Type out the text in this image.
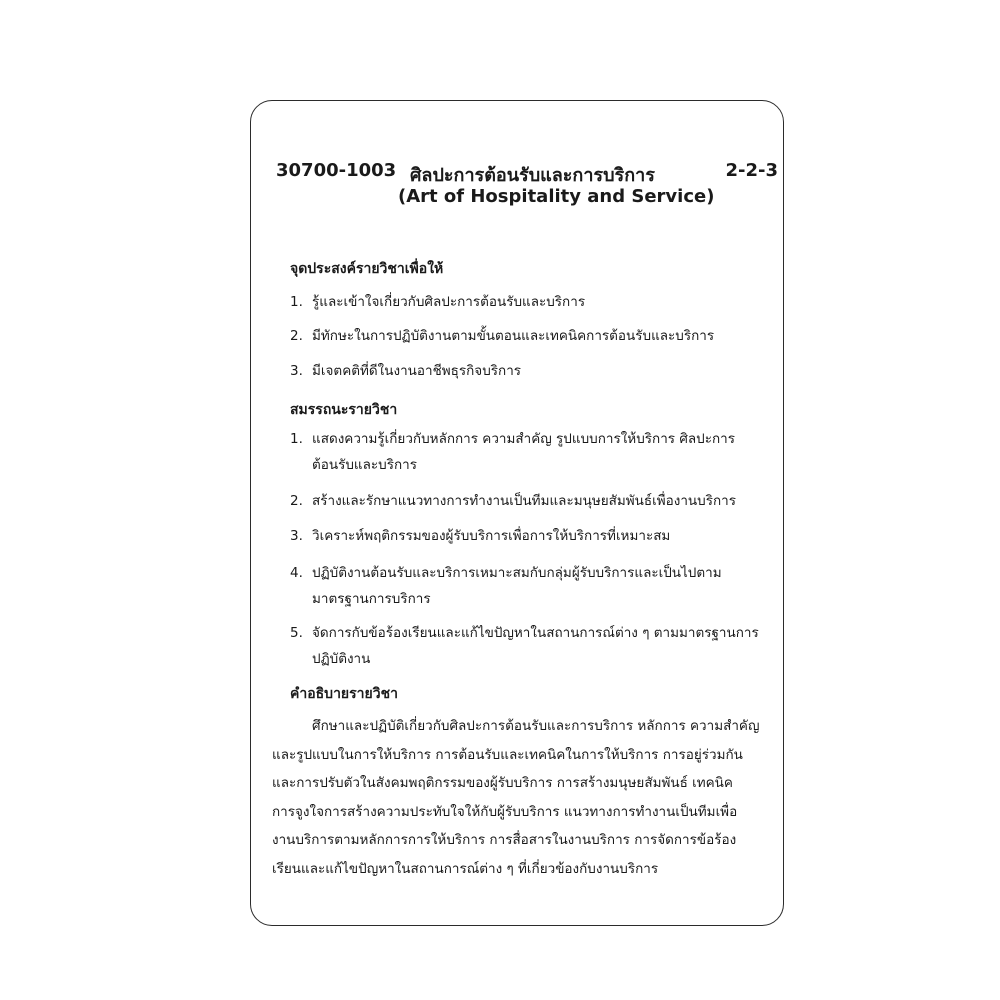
30700-1003 ศิลปะการต้อนรับและการบริการ	2-2-3
(Art of Hospitality and Service)
จุดประสงค์รายวิชาเพื่อให้
1. รู้และเข้าใจเกี่ยวกับศิลปะการต้อนรับและบริการ
2. มีทักษะในการปฏิบัติงานตามขั้นตอนและเทคนิคการต้อนรับและบริการ
3. มีเจตคติที่ดีในงานอาชีพธุรกิจบริการ
สมรรถนะรายวิชา
1. แสดงความรู้เกี่ยวกับหลักการ ความสำคัญ รูปแบบการให้บริการ ศิลปะการต้อนรับและบริการ
2. สร้างและรักษาแนวทางการทำงานเป็นทีมและมนุษยสัมพันธ์เพื่องานบริการ
3. วิเคราะห์พฤติกรรมของผู้รับบริการเพื่อการให้บริการที่เหมาะสม
4. ปฏิบัติงานต้อนรับและบริการเหมาะสมกับกลุ่มผู้รับบริการและเป็นไปตามมาตรฐานการบริการ
5. จัดการกับข้อร้องเรียนและแก้ไขปัญหาในสถานการณ์ต่าง ๆ ตามมาตรฐานการปฏิบัติงาน
คำอธิบายรายวิชา
ศึกษาและปฏิบัติเกี่ยวกับศิลปะการต้อนรับและการบริการ หลักการ ความสำคัญ
และรูปแบบในการให้บริการ การต้อนรับและเทคนิคในการให้บริการ การอยู่ร่วมกัน
และการปรับตัวในสังคมพฤติกรรมของผู้รับบริการ การสร้างมนุษยสัมพันธ์ เทคนิค
การจูงใจการสร้างความประทับใจให้กับผู้รับบริการ แนวทางการทำงานเป็นทีมเพื่อ
งานบริการตามหลักการการให้บริการ การสื่อสารในงานบริการ การจัดการข้อร้อง
เรียนและแก้ไขปัญหาในสถานการณ์ต่าง ๆ ที่เกี่ยวข้องกับงานบริการ
